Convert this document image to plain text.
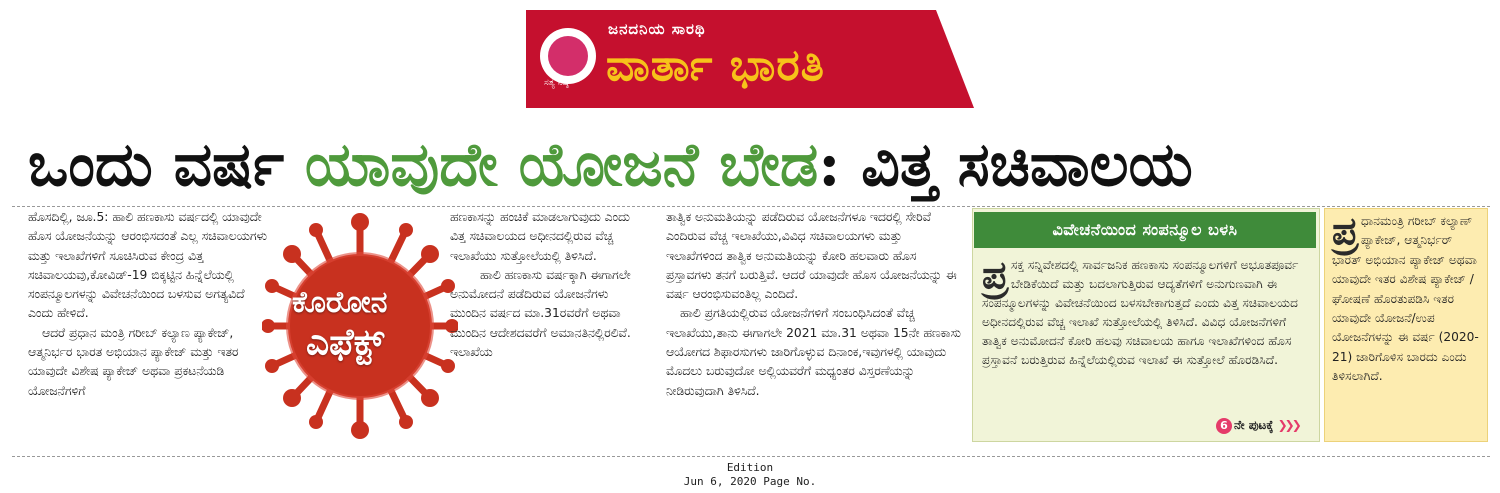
ಸತ್ಯ ನಿಷ್ಠೆ
ಜನದನಿಯ ಸಾರಥಿ
ವಾರ್ತಾ ಭಾರತಿ
ಒಂದು ವರ್ಷ ಯಾವುದೇ ಯೋಜನೆ ಬೇಡ: ವಿತ್ತ ಸಚಿವಾಲಯ

ಹೊಸದಿಲ್ಲಿ, ಜೂ.5: ಹಾಲಿ ಹಣಕಾಸು ವರ್ಷದಲ್ಲಿ ಯಾವುದೇ ಹೊಸ ಯೋಜನೆಯನ್ನು ಆರಂಭಿಸದಂತೆ ಎಲ್ಲ ಸಚಿವಾಲಯಗಳು ಮತ್ತು ಇಲಾಖೆಗಳಿಗೆ ಸೂಚಿಸಿರುವ ಕೇಂದ್ರ ವಿತ್ತ ಸಚಿವಾಲಯವು,ಕೋವಿಡ್-19 ಬಿಕ್ಕಟ್ಟಿನ ಹಿನ್ನೆಲೆಯಲ್ಲಿ ಸಂಪನ್ಮೂಲಗಳನ್ನು ವಿವೇಚನೆಯಿಂದ ಬಳಸುವ ಅಗತ್ಯವಿದೆ ಎಂದು ಹೇಳಿದೆ.

ಆದರೆ ಪ್ರಧಾನ ಮಂತ್ರಿ ಗರೀಬ್ ಕಲ್ಯಾಣ ಪ್ಯಾಕೇಜ್, ಆತ್ಮನಿರ್ಭರ ಭಾರತ ಅಭಿಯಾನ ಪ್ಯಾಕೇಜ್ ಮತ್ತು ಇತರ ಯಾವುದೇ ವಿಶೇಷ ಪ್ಯಾಕೇಜ್ ಅಥವಾ ಪ್ರಕಟನೆಯಡಿ ಯೋಜನೆಗಳಿಗೆ

ಕೊರೋನ
ಎಫೆಕ್ಟ್

ಹಣಕಾಸನ್ನು ಹಂಚಿಕೆ ಮಾಡಲಾಗುವುದು ಎಂದು ವಿತ್ತ ಸಚಿವಾಲಯದ ಅಧೀನದಲ್ಲಿರುವ ವೆಚ್ಚ ಇಲಾಖೆಯು ಸುತ್ತೋಲೆಯಲ್ಲಿ ತಿಳಿಸಿದೆ.

ಹಾಲಿ ಹಣಕಾಸು ವರ್ಷಕ್ಕಾಗಿ ಈಗಾಗಲೇ ಅನುಮೋದನೆ ಪಡೆದಿರುವ ಯೋಜನೆಗಳು ಮುಂದಿನ ವರ್ಷದ ಮಾ.31ರವರೆಗೆ ಅಥವಾ ಮುಂದಿನ ಆದೇಶದವರೆಗೆ ಅಮಾನತಿನಲ್ಲಿರಲಿವೆ. ಇಲಾಖೆಯ

ತಾತ್ವಿಕ ಅನುಮತಿಯನ್ನು ಪಡೆದಿರುವ ಯೋಜನೆಗಳೂ ಇದರಲ್ಲಿ ಸೇರಿವೆ ಎಂದಿರುವ ವೆಚ್ಚ ಇಲಾಖೆಯು,ವಿವಿಧ ಸಚಿವಾಲಯಗಳು ಮತ್ತು ಇಲಾಖೆಗಳಿಂದ ತಾತ್ವಿಕ ಅನುಮತಿಯನ್ನು ಕೋರಿ ಹಲವಾರು ಹೊಸ ಪ್ರಸ್ತಾವಗಳು ತನಗೆ ಬರುತ್ತಿವೆ. ಆದರೆ ಯಾವುದೇ ಹೊಸ ಯೋಜನೆಯನ್ನು ಈ ವರ್ಷ ಆರಂಭಿಸುವಂತಿಲ್ಲ ಎಂದಿದೆ.

ಹಾಲಿ ಪ್ರಗತಿಯಲ್ಲಿರುವ ಯೋಜನೆಗಳಿಗೆ ಸಂಬಂಧಿಸಿದಂತೆ ವೆಚ್ಚ ಇಲಾಖೆಯು,ತಾನು ಈಗಾಗಲೇ 2021 ಮಾ.31 ಅಥವಾ 15ನೇ ಹಣಕಾಸು ಆಯೋಗದ ಶಿಫಾರಸುಗಳು ಜಾರಿಗೊಳ್ಳುವ ದಿನಾಂಕ,ಇವುಗಳಲ್ಲಿ ಯಾವುದು ಮೊದಲು ಬರುವುದೋ ಅಲ್ಲಿಯವರೆಗೆ ಮಧ್ಯಂತರ ವಿಸ್ತರಣೆಯನ್ನು ನೀಡಿರುವುದಾಗಿ ತಿಳಿಸಿದೆ.

ವಿವೇಚನೆಯಿಂದ ಸಂಪನ್ಮೂಲ ಬಳಸಿ
ಪ್ರ ಸಕ್ತ ಸನ್ನಿವೇಶದಲ್ಲಿ ಸಾರ್ವಜನಿಕ ಹಣಕಾಸು ಸಂಪನ್ಮೂಲಗಳಿಗೆ ಅಭೂತಪೂರ್ವ ಬೇಡಿಕೆಯಿದೆ ಮತ್ತು ಬದಲಾಗುತ್ತಿರುವ ಆದ್ಯತೆಗಳಿಗೆ ಅನುಗುಣವಾಗಿ ಈ ಸಂಪನ್ಮೂಲಗಳನ್ನು ವಿವೇಚನೆಯಿಂದ ಬಳಸಬೇಕಾಗುತ್ತದೆ ಎಂದು ವಿತ್ತ ಸಚಿವಾಲಯದ ಅಧೀನದಲ್ಲಿರುವ ವೆಚ್ಚ ಇಲಾಖೆ ಸುತ್ತೋಲೆಯಲ್ಲಿ ತಿಳಿಸಿದೆ. ವಿವಿಧ ಯೋಜನೆಗಳಿಗೆ ತಾತ್ವಿಕ ಅನುಮೋದನೆ ಕೋರಿ ಹಲವು ಸಚಿವಾಲಯ ಹಾಗೂ ಇಲಾಖೆಗಳಿಂದ ಹೊಸ ಪ್ರಸ್ತಾವನೆ ಬರುತ್ತಿರುವ ಹಿನ್ನೆಲೆಯಲ್ಲಿರುವ ಇಲಾಖೆ ಈ ಸುತ್ತೋಲೆ ಹೊರಡಿಸಿದೆ.
6 ನೇ ಪುಟಕ್ಕೆ ❯❯❯
ಪ್ರ ಧಾನಮಂತ್ರಿ ಗರೀಬ್ ಕಲ್ಯಾಣ್ ಪ್ಯಾಕೇಜ್, ಆತ್ಮನಿರ್ಭರ್ ಭಾರತ್ ಅಭಿಯಾನ ಪ್ಯಾಕೇಜ್ ಅಥವಾ ಯಾವುದೇ ಇತರ ವಿಶೇಷ ಪ್ಯಾಕೇಜ್ / ಘೋಷಣೆ ಹೊರತುಪಡಿಸಿ ಇತರ ಯಾವುದೇ ಯೋಜನೆ/ಉಪ ಯೋಜನೆಗಳನ್ನು ಈ ವರ್ಷ (2020-21) ಜಾರಿಗೊಳಿಸ ಬಾರದು ಎಂದು ತಿಳಿಸಲಾಗಿದೆ.
Edition
Jun 6, 2020 Page No.
